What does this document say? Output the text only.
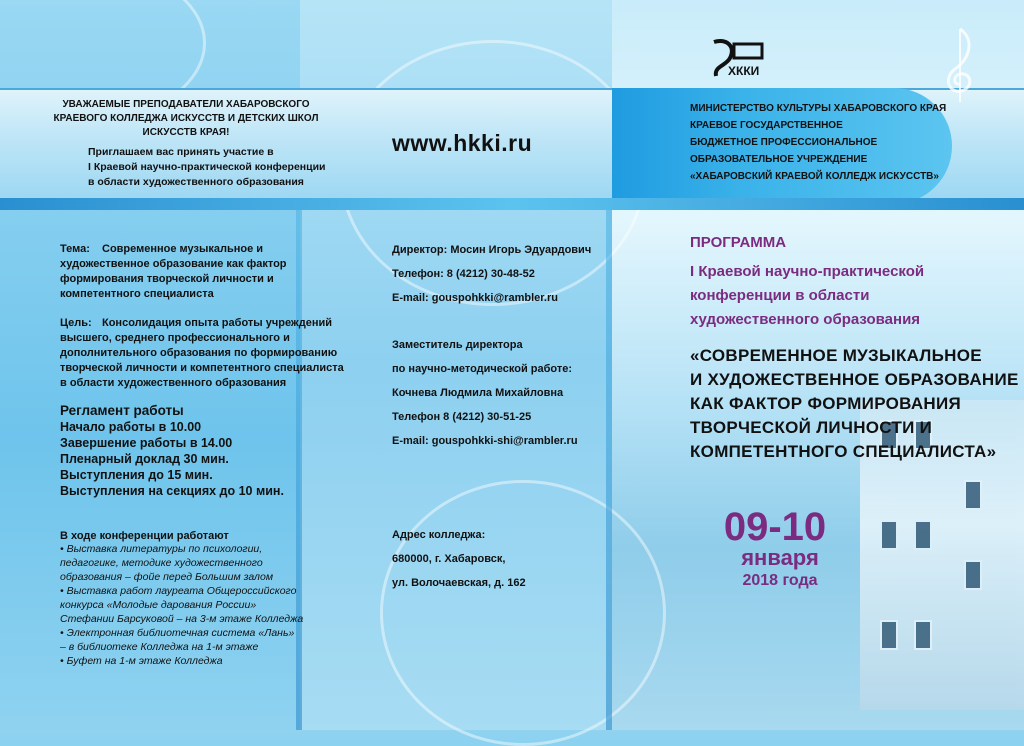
ХККИ

УВАЖАЕМЫЕ ПРЕПОДАВАТЕЛИ ХАБАРОВСКОГО КРАЕВОГО КОЛЛЕДЖА ИСКУССТВ И ДЕТСКИХ ШКОЛ ИСКУССТВ КРАЯ!

Приглашаем вас принять участие в

I Краевой научно-практической конференции

в области художественного образования

www.hkki.ru

МИНИСТЕРСТВО КУЛЬТУРЫ ХАБАРОВСКОГО КРАЯ

КРАЕВОЕ ГОСУДАРСТВЕННОЕ

БЮДЖЕТНОЕ ПРОФЕССИОНАЛЬНОЕ

ОБРАЗОВАТЕЛЬНОЕ УЧРЕЖДЕНИЕ

«ХАБАРОВСКИЙ КРАЕВОЙ КОЛЛЕДЖ ИСКУССТВ»

Тема: Современное музыкальное и

художественное образование как фактор

формирования творческой личности и

компетентного специалиста

Цель: Консолидация опыта работы учреждений

высшего, среднего профессионального и

дополнительного образования по формированию

творческой личности и компетентного специалиста

в области художественного образования

Регламент работы

Начало работы в 10.00

Завершение работы в 14.00

Пленарный доклад 30 мин.

Выступления до 15 мин.

Выступления на секциях до 10 мин.

В ходе конференции работают

• Выставка литературы по психологии,

педагогике, методике художественного

образования – фойе перед Большим залом

• Выставка работ лауреата Общероссийского

конкурса «Молодые дарования России»

Стефании Барсуковой – на 3-м этаже Колледжа

• Электронная библиотечная система «Лань»

– в библиотеке Колледжа на 1-м этаже

• Буфет на 1-м этаже Колледжа

Директор: Мосин Игорь Эдуардович

Телефон: 8 (4212) 30-48-52

E-mail: gouspohkki@rambler.ru

Заместитель директора

по научно-методической работе:

Кочнева Людмила Михайловна

Телефон 8 (4212) 30-51-25

E-mail: gouspohkki-shi@rambler.ru

Адрес колледжа:

680000, г. Хабаровск,

ул. Волочаевская, д. 162

ПРОГРАММА

I Краевой научно-практической

конференции в области

художественного образования

«СОВРЕМЕННОЕ МУЗЫКАЛЬНОЕ

И ХУДОЖЕСТВЕННОЕ ОБРАЗОВАНИЕ

КАК ФАКТОР ФОРМИРОВАНИЯ

ТВОРЧЕСКОЙ ЛИЧНОСТИ И

КОМПЕТЕНТНОГО СПЕЦИАЛИСТА»

09-10

января

2018 года
